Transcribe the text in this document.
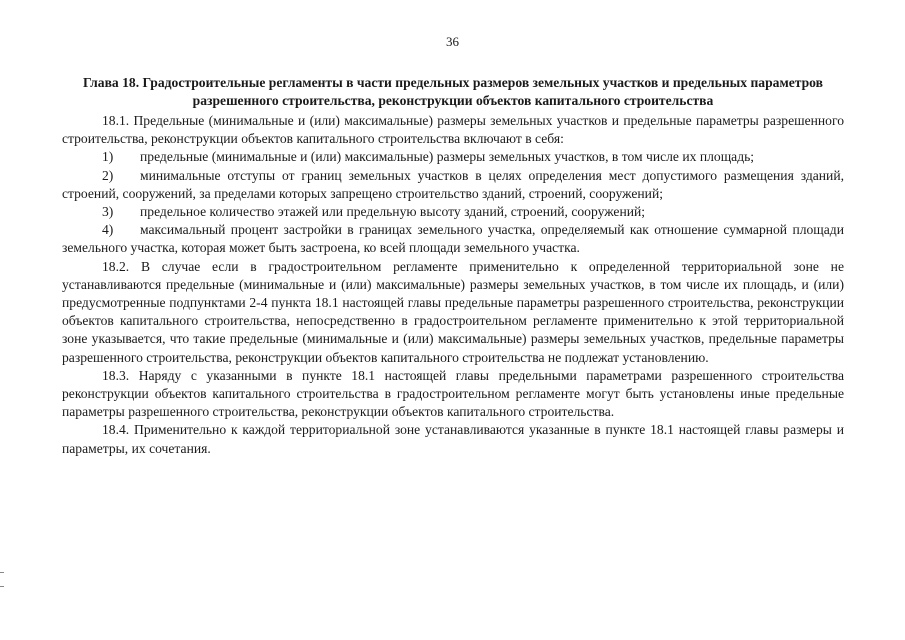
36

Глава 18. Градостроительные регламенты в части предельных размеров земельных участков и предельных параметров разрешенного строительства, реконструкции объектов капитального строительства

18.1. Предельные (минимальные и (или) максимальные) размеры земельных участков и предельные параметры разрешенного строительства, реконструкции объектов капитального строительства включают в себя:

1) предельные (минимальные и (или) максимальные) размеры земельных участков, в том числе их площадь;

2) минимальные отступы от границ земельных участков в целях определения мест допустимого размещения зданий, строений, сооружений, за пределами которых запрещено строительство зданий, строений, сооружений;

3) предельное количество этажей или предельную высоту зданий, строений, сооружений;

4) максимальный процент застройки в границах земельного участка, определяемый как отношение суммарной площади земельного участка, которая может быть застроена, ко всей площади земельного участка.

18.2. В случае если в градостроительном регламенте применительно к определенной территориальной зоне не устанавливаются предельные (минимальные и (или) максимальные) размеры земельных участков, в том числе их площадь, и (или) предусмотренные подпунктами 2-4 пункта 18.1 настоящей главы предельные параметры разрешенного строительства, реконструкции объектов капитального строительства, непосредственно в градостроительном регламенте применительно к этой территориальной зоне указывается, что такие предельные (минимальные и (или) максимальные) размеры земельных участков, предельные параметры разрешенного строительства, реконструкции объектов капитального строительства не подлежат установлению.

18.3. Наряду с указанными в пункте 18.1 настоящей главы предельными параметрами разрешенного строительства реконструкции объектов капитального строительства в градостроительном регламенте могут быть установлены иные предельные параметры разрешенного строительства, реконструкции объектов капитального строительства.

18.4. Применительно к каждой территориальной зоне устанавливаются указанные в пункте 18.1 настоящей главы размеры и параметры, их сочетания.
